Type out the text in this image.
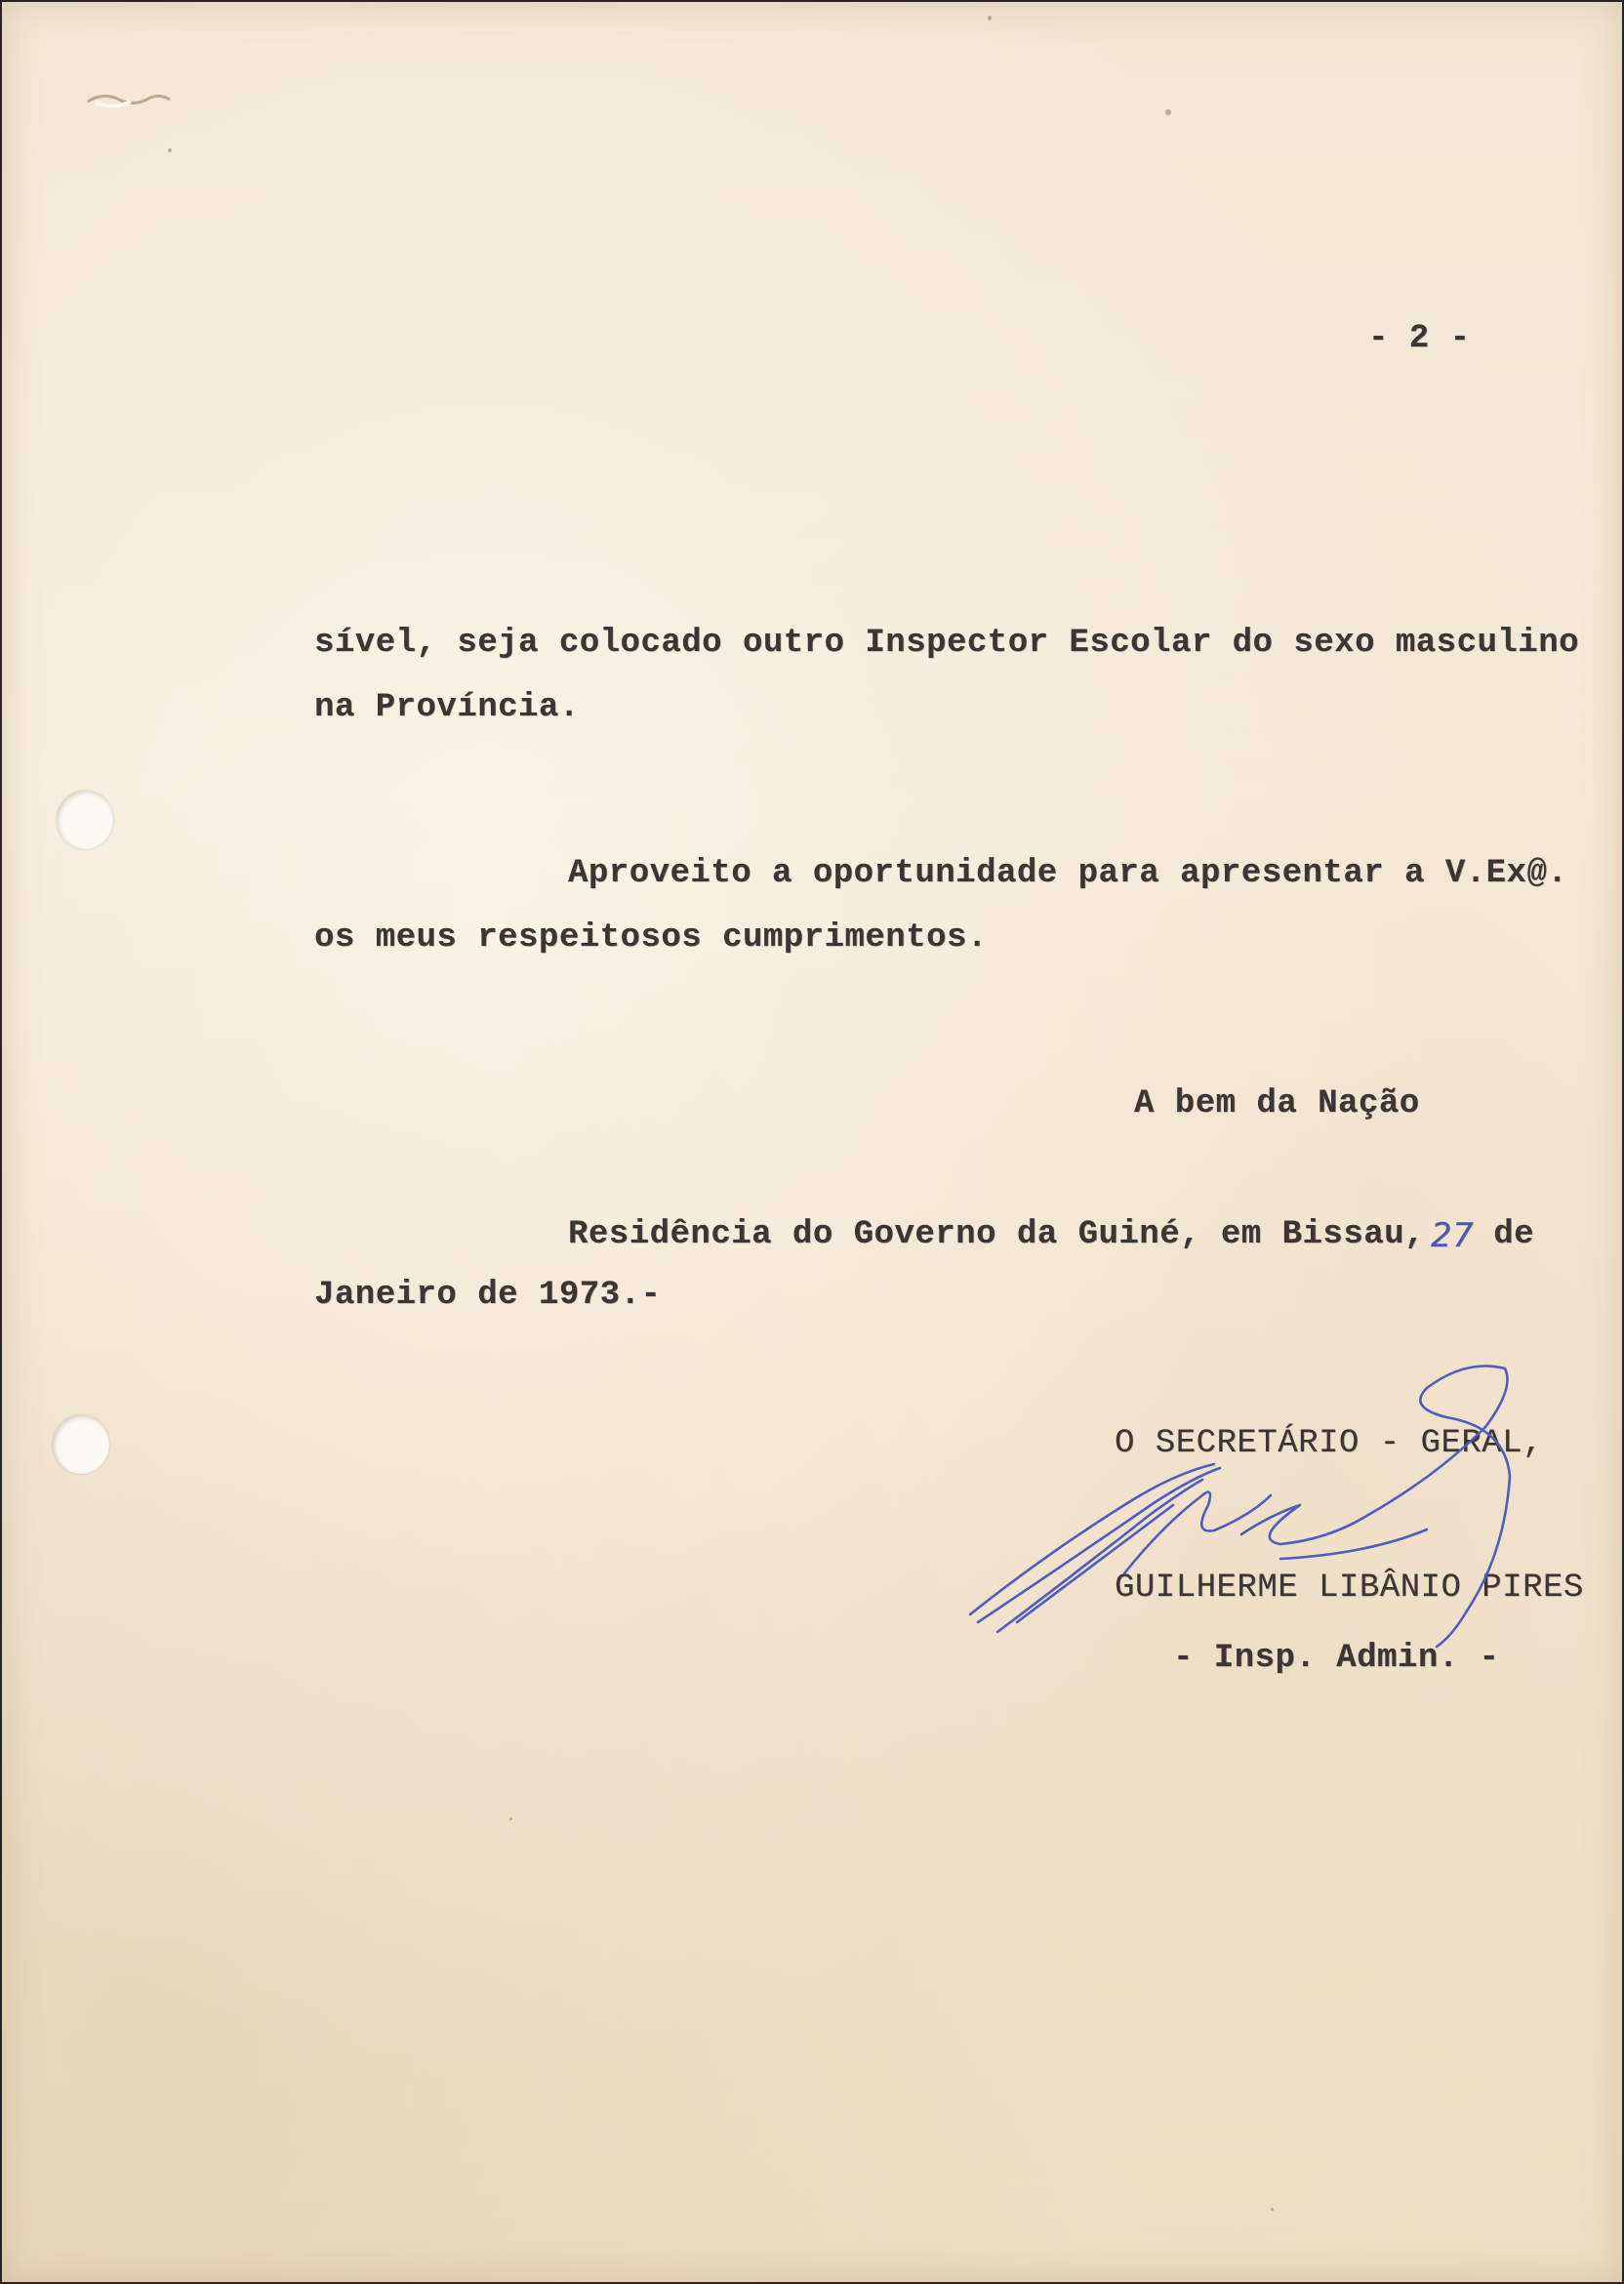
- 2 -
sível, seja colocado outro Inspector Escolar do sexo masculino
na Província.
Aproveito a oportunidade para apresentar a V.Ex@.
os meus respeitosos cumprimentos.
A bem da Nação
Residência do Governo da Guiné, em Bissau, 27 de
Janeiro de 1973.-
O SECRETÁRIO - GERAL,
GUILHERME LIBÂNIO PIRES
- Insp. Admin. -
